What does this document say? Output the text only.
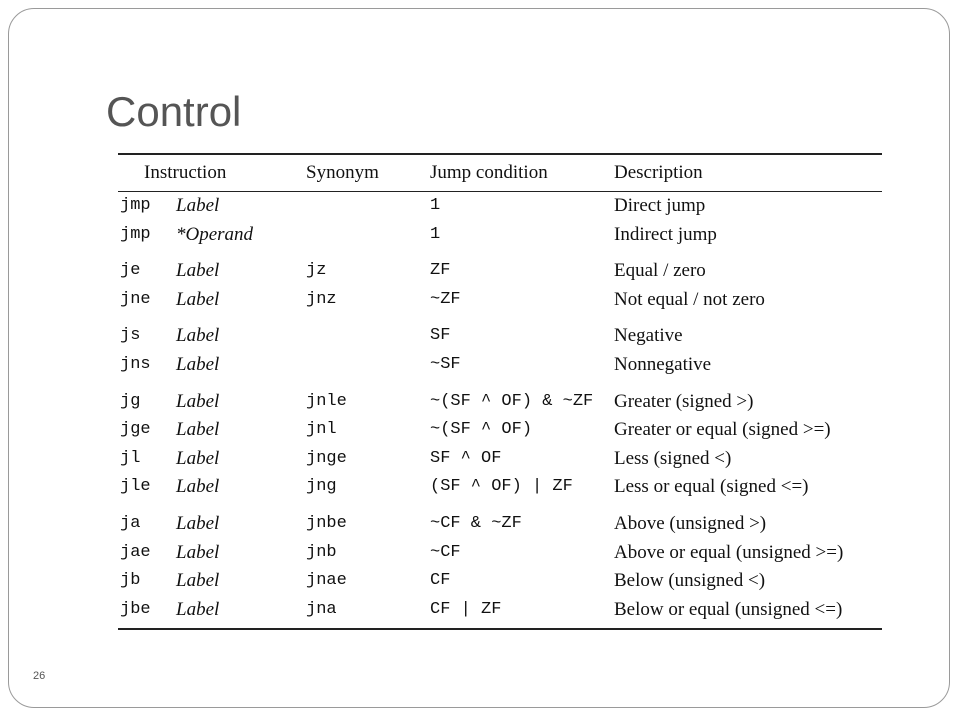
Control
Instruction		Synonym	Jump condition	Description
jmp	Label		1	Direct jump
jmp	*Operand		1	Indirect jump
je	Label	jz	ZF	Equal / zero
jne	Label	jnz	~ZF	Not equal / not zero
js	Label		SF	Negative
jns	Label		~SF	Nonnegative
jg	Label	jnle	~(SF ^ OF) & ~ZF	Greater (signed >)
jge	Label	jnl	~(SF ^ OF)	Greater or equal (signed >=)
jl	Label	jnge	SF ^ OF	Less (signed <)
jle	Label	jng	(SF ^ OF) | ZF	Less or equal (signed <=)
ja	Label	jnbe	~CF & ~ZF	Above (unsigned >)
jae	Label	jnb	~CF	Above or equal (unsigned >=)
jb	Label	jnae	CF	Below (unsigned <)
jbe	Label	jna	CF | ZF	Below or equal (unsigned <=)
26
